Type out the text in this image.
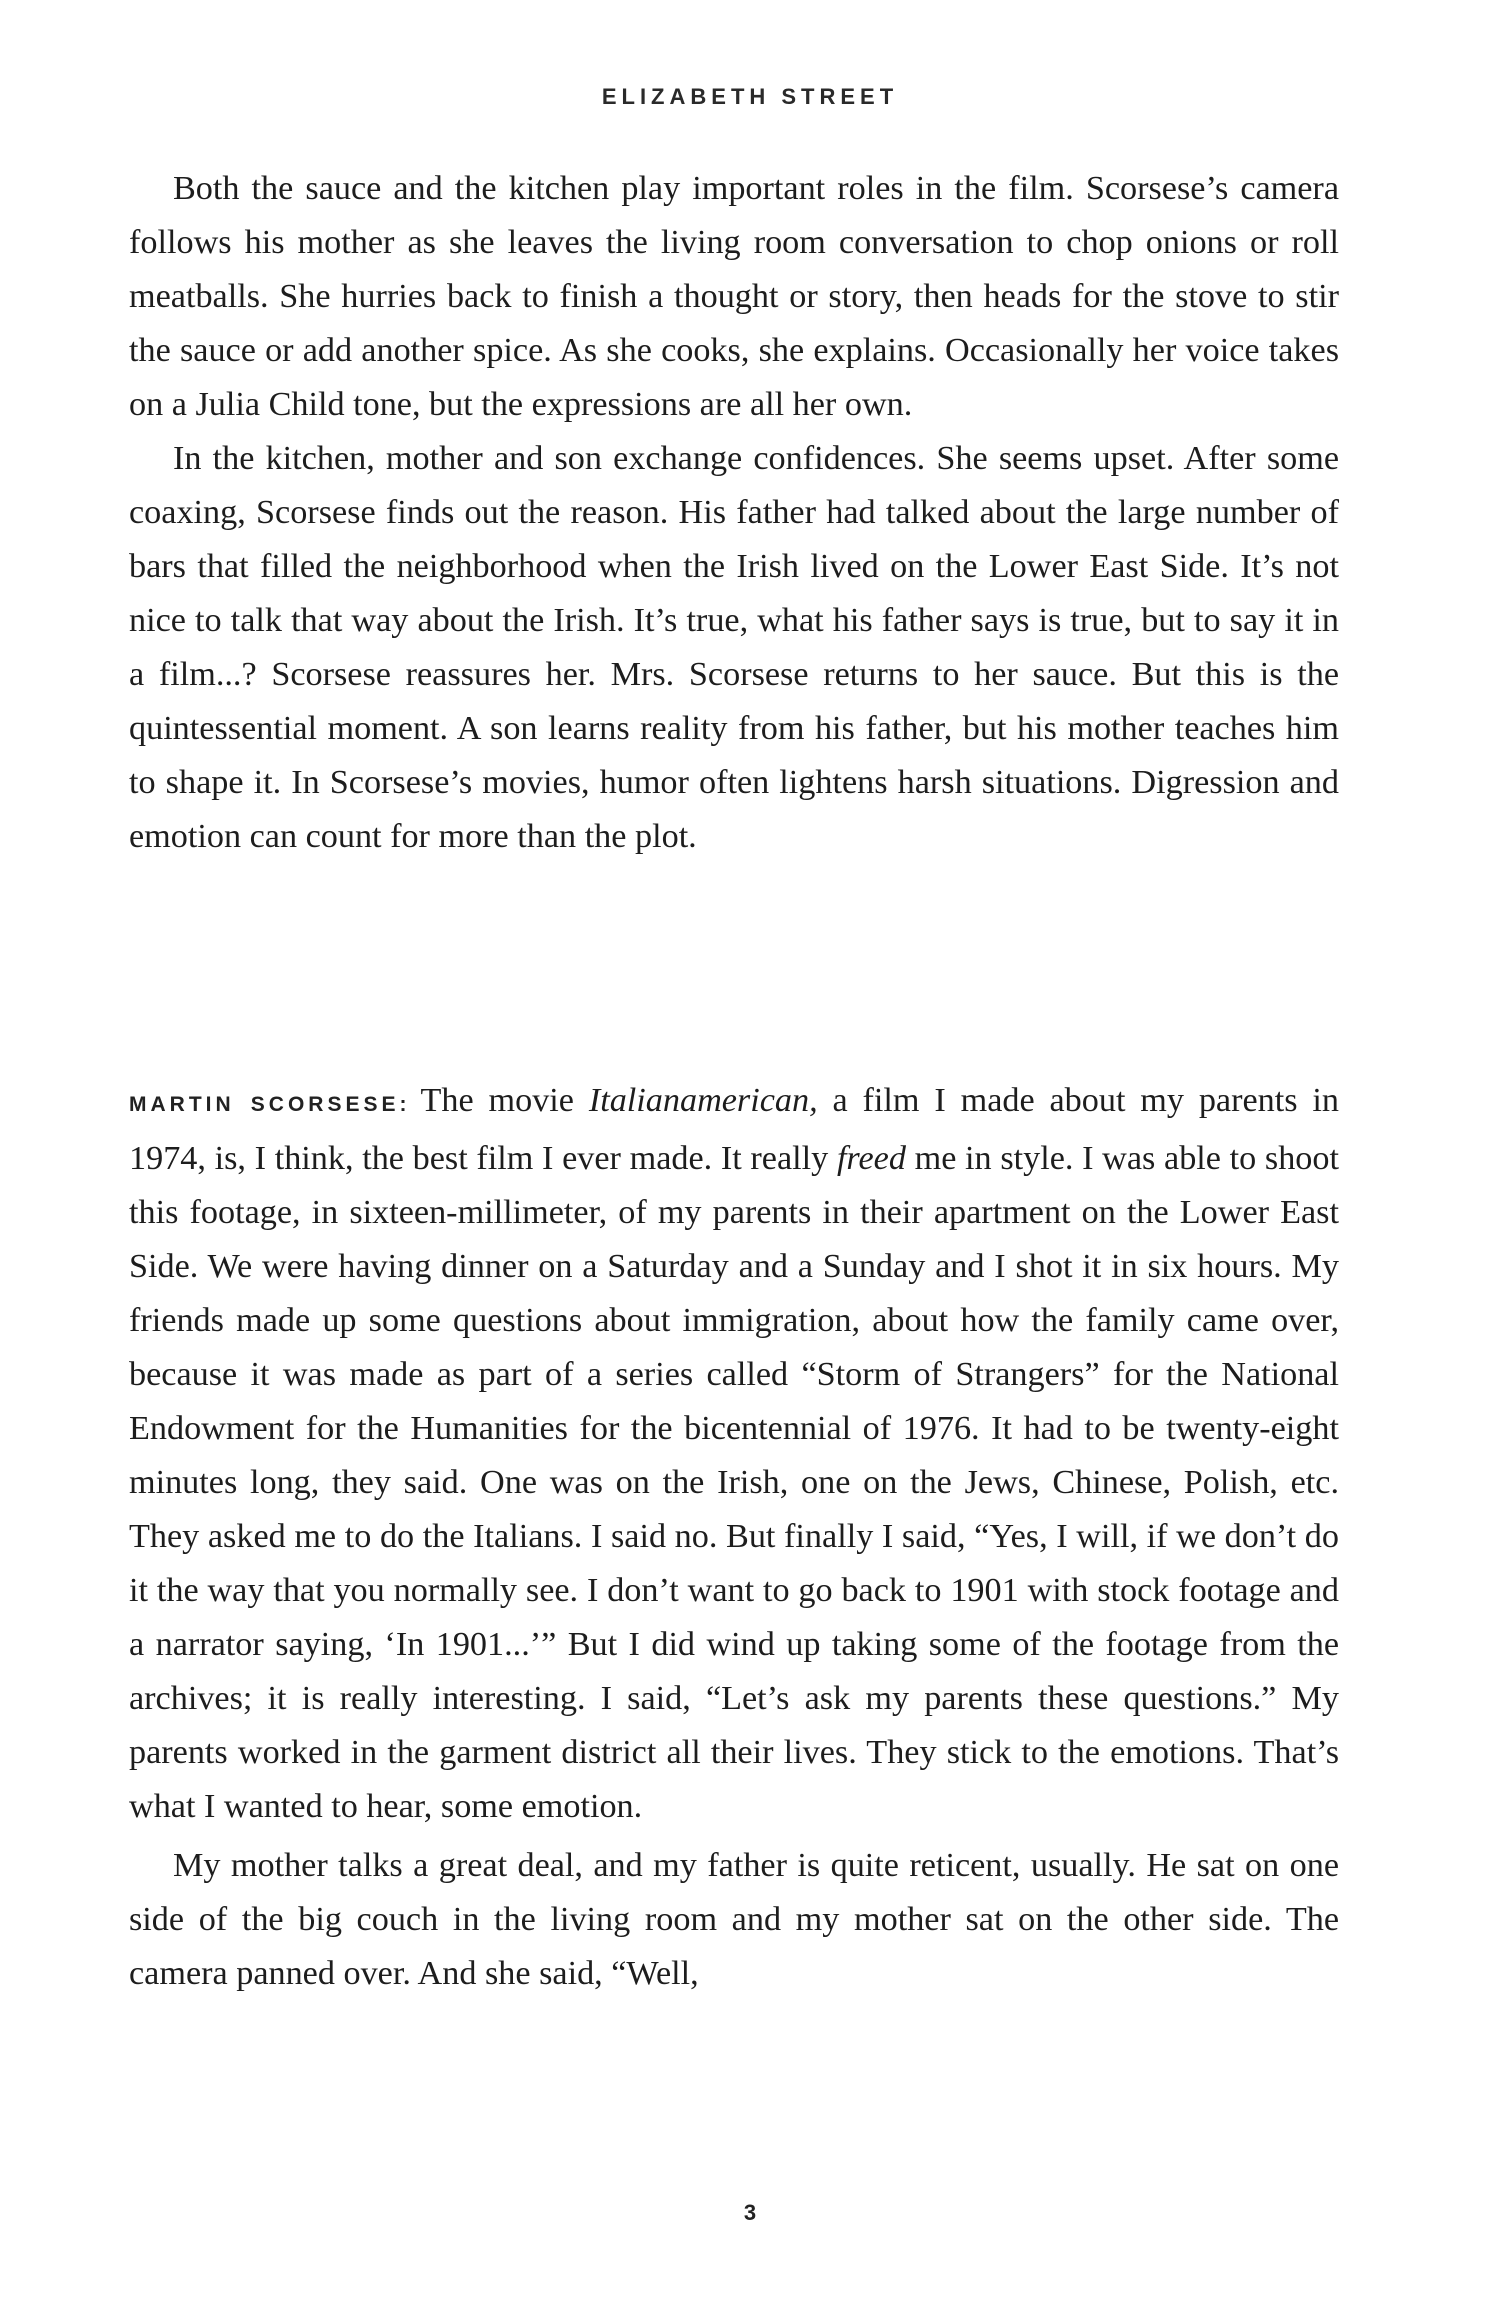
ELIZABETH STREET

Both the sauce and the kitchen play important roles in the film. Scorsese’s camera follows his mother as she leaves the living room conversation to chop onions or roll meatballs. She hurries back to finish a thought or story, then heads for the stove to stir the sauce or add another spice. As she cooks, she explains. Occasionally her voice takes on a Julia Child tone, but the expressions are all her own.

In the kitchen, mother and son exchange confidences. She seems upset. After some coaxing, Scorsese finds out the reason. His father had talked about the large number of bars that filled the neighborhood when the Irish lived on the Lower East Side. It’s not nice to talk that way about the Irish. It’s true, what his father says is true, but to say it in a film...? Scorsese reassures her. Mrs. Scorsese returns to her sauce. But this is the quintessential moment. A son learns reality from his father, but his mother teaches him to shape it. In Scorsese’s movies, humor often lightens harsh situations. Digression and emotion can count for more than the plot.

MARTIN SCORSESE: The movie Italianamerican, a film I made about my parents in 1974, is, I think, the best film I ever made. It really freed me in style. I was able to shoot this footage, in sixteen-millimeter, of my parents in their apartment on the Lower East Side. We were having dinner on a Saturday and a Sunday and I shot it in six hours. My friends made up some questions about immigration, about how the family came over, because it was made as part of a series called “Storm of Strangers” for the National Endowment for the Humanities for the bicentennial of 1976. It had to be twenty-eight minutes long, they said. One was on the Irish, one on the Jews, Chinese, Polish, etc. They asked me to do the Italians. I said no. But finally I said, “Yes, I will, if we don’t do it the way that you normally see. I don’t want to go back to 1901 with stock footage and a narrator saying, ‘In 1901...’” But I did wind up taking some of the footage from the archives; it is really interesting. I said, “Let’s ask my parents these questions.” My parents worked in the garment district all their lives. They stick to the emotions. That’s what I wanted to hear, some emotion.

My mother talks a great deal, and my father is quite reticent, usually. He sat on one side of the big couch in the living room and my mother sat on the other side. The camera panned over. And she said, “Well,

3
